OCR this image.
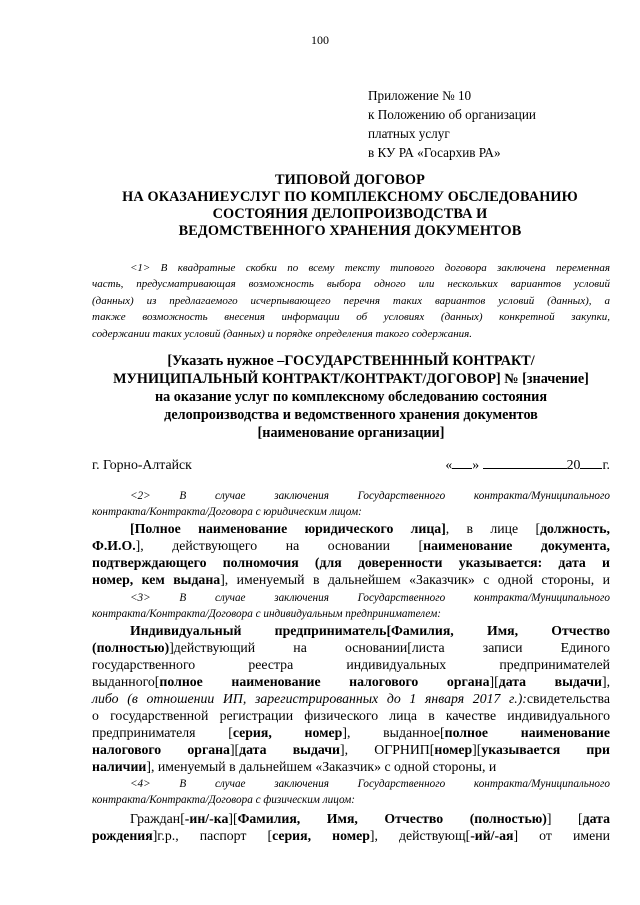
100
Приложение № 10
к Положению об организации
платных услуг
в КУ РА «Госархив РА»
ТИПОВОЙ ДОГОВОР
НА ОКАЗАНИЕУСЛУГ ПО КОМПЛЕКСНОМУ ОБСЛЕДОВАНИЮ
СОСТОЯНИЯ ДЕЛОПРОИЗВОДСТВА И
ВЕДОМСТВЕННОГО ХРАНЕНИЯ ДОКУМЕНТОВ
<1> В квадратные скобки по всему тексту типового договора заключена переменная
часть, предусматривающая возможность выбора одного или нескольких вариантов условий
(данных) из предлагаемого исчерпывающего перечня таких вариантов условий (данных), а
также возможность внесения информации об условиях (данных) конкретной закупки,
содержании таких условий (данных) и порядке определения такого содержания.
[Указать нужное –ГОСУДАРСТВЕНННЫЙ КОНТРАКТ/
МУНИЦИПАЛЬНЫЙ КОНТРАКТ/КОНТРАКТ/ДОГОВОР] № [значение]
на оказание услуг по комплексному обследованию состояния
делопроизводства и ведомственного хранения документов
[наименование организации]
г. Горно-Алтайск	« »	20 г.
<2> В случае заключения Государственного контракта/Муниципального
контракта/Контракта/Договора с юридическим лицом:
[Полное наименование юридического лица], в лице [должность,
Ф.И.О.], действующего на основании [наименование документа,
подтверждающего полномочия (для доверенности указывается: дата и
номер, кем выдана], именуемый в дальнейшем «Заказчик» с одной стороны, и
<3> В случае заключения Государственного контракта/Муниципального
контракта/Контракта/Договора с индивидуальным предпринимателем:
Индивидуальный предприниматель[Фамилия, Имя, Отчество
(полностью)]действующий на основании[листа записи Единого
государственного реестра индивидуальных предпринимателей
выданного[полное наименование налогового органа][дата выдачи],
либо (в отношении ИП, зарегистрированных до 1 января 2017 г.):свидетельства
о государственной регистрации физического лица в качестве индивидуального
предпринимателя [серия, номер], выданное[полное наименование
налогового органа][дата выдачи], ОГРНИП[номер][указывается при
наличии], именуемый в дальнейшем «Заказчик» с одной стороны, и
<4> В случае заключения Государственного контракта/Муниципального
контракта/Контракта/Договора с физическим лицом:
Граждан[-ин/-ка][Фамилия, Имя, Отчество (полностью)] [дата
рождения]г.р., паспорт [серия, номер], действующ[-ий/-ая] от имени
